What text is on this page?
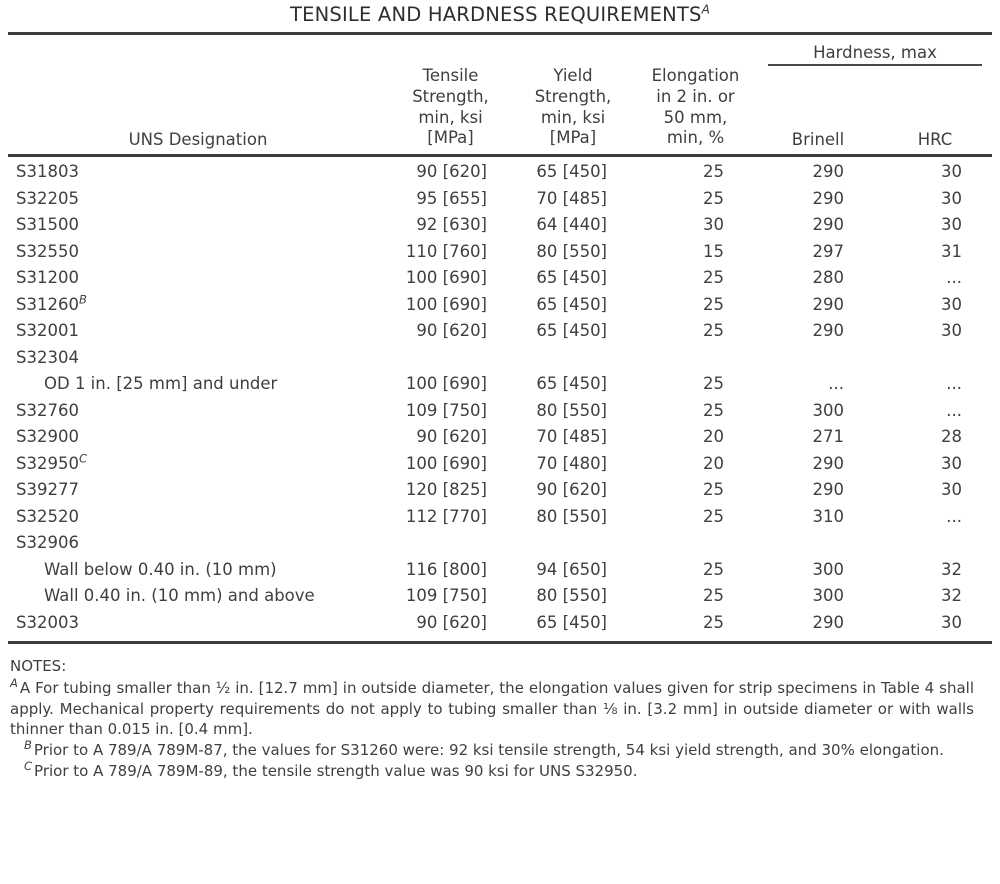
TENSILE AND HARDNESS $REQUIREMENTS^A$
				Hardness, max	

UNS Designation	
Tensile
Strength,
min, ksi
[MPa]

Yield
Strength,
min, ksi
[MPa]

Elongation
in 2 in. or
50 mm,
min, %	Brinell	HRC

S31803	90 [620]	65 [450]	25	290	30
S32205	95 [655]	70 [485]	25	290	30
S31500	92 [630]	64 [440]	30	290	30
S32550	110 [760]	80 [550]	15	297	31
S31200	100 [690]	65 [450]	25	280	...
S31260$^B$	100 [690]	65 [450]	25	290	30
S32001	90 [620]	65 [450]	25	290	30
S32304					
OD 1 in. [25 mm] and under	100 [690]	65 [450]	25	...	...
S32760	109 [750]	80 [550]	25	300	...
S32900	90 [620]	70 [485]	20	271	28
S32950$^C$	100 [690]	70 [480]	20	290	30
S39277	120 [825]	90 [620]	25	290	30
S32520	112 [770]	80 [550]	25	310	...
S32906					
Wall below 0.40 in. (10 mm)	116 [800]	94 [650]	25	300	32
Wall 0.40 in. (10 mm) and above	109 [750]	80 [550]	25	300	32
S32003	90 [620]	65 [450]	25	290	30
NOTES:

$^A$ A For tubing smaller than ½ in. [12.7 mm] in outside diameter, the elongation values given for strip specimens in Table 4 shall apply. Mechanical property requirements do not apply to tubing smaller than ⅛ in. [3.2 mm] in outside diameter or with walls thinner than 0.015 in. [0.4 mm].

$^B$ Prior to A 789/A 789M-87, the values for S31260 were: 92 ksi tensile strength, 54 ksi yield strength, and 30% elongation.

$^C$ Prior to A 789/A 789M-89, the tensile strength value was 90 ksi for UNS S32950.
